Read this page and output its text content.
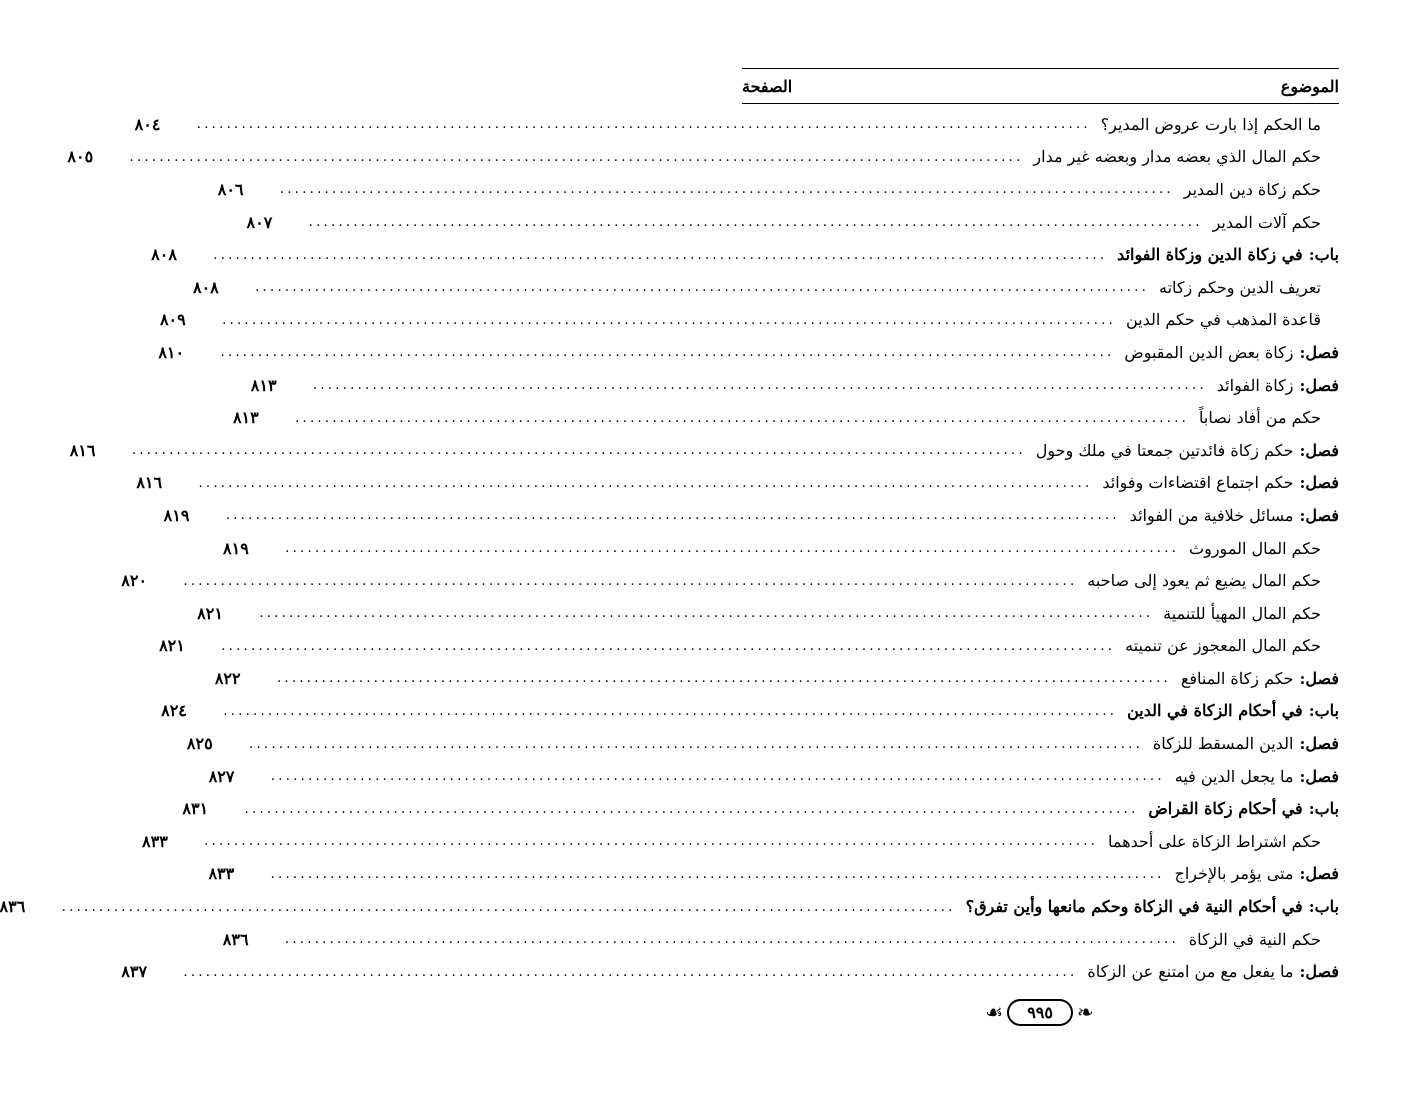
الموضوع
الصفحة
ما الحكم إذا بارت عروض المدير؟
........................................................................................................................
٨٠٤
حكم المال الذي بعضه مدار وبعضه غير مدار
........................................................................................................................
٨٠٥
حكم زكاة دين المدير
........................................................................................................................
٨٠٦
حكم آلات المدير
........................................................................................................................
٨٠٧
باب:في زكاة الدين وزكاة الفوائد
........................................................................................................................
٨٠٨
تعريف الدين وحكم زكاته
........................................................................................................................
٨٠٨
قاعدة المذهب في حكم الدين
........................................................................................................................
٨٠٩
فصل:زكاة بعض الدين المقبوض
........................................................................................................................
٨١٠
فصل:زكاة الفوائد
........................................................................................................................
٨١٣
حكم من أفاد نصاباً
........................................................................................................................
٨١٣
فصل:حكم زكاة فائدتين جمعتا في ملك وحول
........................................................................................................................
٨١٦
فصل:حكم اجتماع اقتضاءات وفوائد
........................................................................................................................
٨١٦
فصل:مسائل خلافية من الفوائد
........................................................................................................................
٨١٩
حكم المال الموروث
........................................................................................................................
٨١٩
حكم المال يضيع ثم يعود إلى صاحبه
........................................................................................................................
٨٢٠
حكم المال المهيأ للتنمية
........................................................................................................................
٨٢١
حكم المال المعجوز عن تنميته
........................................................................................................................
٨٢١
فصل:حكم زكاة المنافع
........................................................................................................................
٨٢٢
باب:في أحكام الزكاة في الدين
........................................................................................................................
٨٢٤
فصل:الدين المسقط للزكاة
........................................................................................................................
٨٢٥
فصل:ما يجعل الدين فيه
........................................................................................................................
٨٢٧
باب:في أحكام زكاة القراض
........................................................................................................................
٨٣١
حكم اشتراط الزكاة على أحدهما
........................................................................................................................
٨٣٣
فصل:متى يؤمر بالإخراج
........................................................................................................................
٨٣٣
باب:في أحكام النية في الزكاة وحكم مانعها وأين تفرق؟
........................................................................................................................
٨٣٦
حكم النية في الزكاة
........................................................................................................................
٨٣٦
فصل:ما يفعل مع من امتنع عن الزكاة
........................................................................................................................
٨٣٧
❧
٩٩٥
☙
